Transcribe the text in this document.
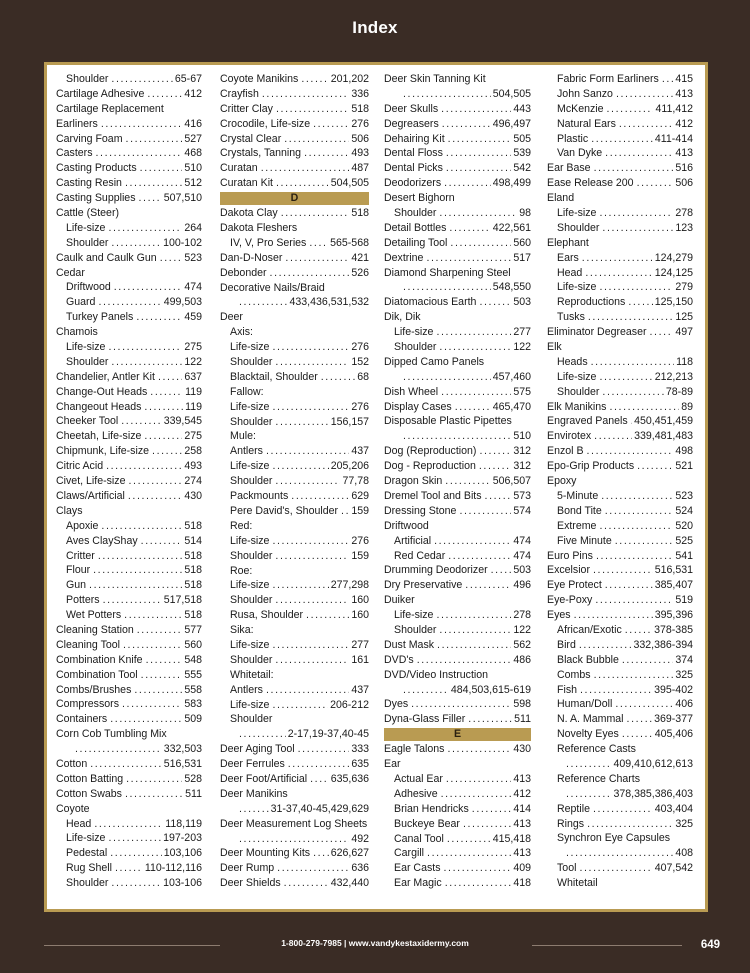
Index
Shoulder .....	65-67
Cartilage Adhesive .....	412
Cartilage Replacement
Earliners .....	416
Carving Foam .....	527
Casters .....	468
Casting Products .....	510
Casting Resin .....	512
Casting Supplies .....	507,510
Cattle (Steer)
Life-size .....	264
Shoulder .....	100-102
Caulk and Caulk Gun .....	523
Cedar
Driftwood .....	474
Guard .....	499,503
Turkey Panels .....	459
Chamois
Life-size .....	275
Shoulder .....	122
Chandelier, Antler Kit .....	637
Change-Out Heads .....	119
Changeout Heads .....	119
Cheeker Tool .....	339,545
Cheetah, Life-size .....	275
Chipmunk, Life-size .....	258
Citric Acid .....	493
Civet, Life-size .....	274
Claws/Artificial .....	430
Clays
Apoxie .....	518
Aves ClayShay .....	514
Critter .....	518
Flour .....	518
Gun .....	518
Potters .....	517,518
Wet Potters .....	518
Cleaning Station .....	577
Cleaning Tool .....	560
Combination Knife .....	548
Combination Tool .....	555
Combs/Brushes .....	558
Compressors .....	583
Containers .....	509
Corn Cob Tumbling Mix
.....
332,503
Cotton .....	516,531
Cotton Batting .....	528
Cotton Swabs .....	511
Coyote
Head .....	118,119
Life-size .....	197-203
Pedestal .....	103,106
Rug Shell .....	110-112,116
Shoulder .....	103-106
Coyote Manikins .....	201,202
Crayfish .....	336
Critter Clay .....	518
Crocodile, Life-size .....	276
Crystal Clear .....	506
Crystals, Tanning .....	493
Curatan .....	487
Curatan Kit .....	504,505
D
Dakota Clay .....	518
Dakota Fleshers
IV, V, Pro Series ..... 565-568
Dan-D-Noser .....	421
Debonder .....	526
Decorative Nails/Braid
.....
433,436,531,532
Deer
Axis:
Life-size .....	276
Shoulder .....	152
Blacktail, Shoulder .....	68
Fallow:
Life-size .....	276
Shoulder .....	156,157
Mule:
Antlers .....	437
Life-size .....	205,206
Shoulder .....	77,78
Packmounts .....	629
Pere David's, Shoulder ..... 159
Red:
Life-size .....	276
Shoulder .....	159
Roe:
Life-size .....	277,298
Shoulder .....	160
Rusa, Shoulder .....	160
Sika:
Life-size .....	277
Shoulder .....	161
Whitetail:
Antlers .....	437
Life-size .....	206-212
Shoulder
.....
2-17,19-37,40-45
Deer Aging Tool .....	333
Deer Ferrules .....	635
Deer Foot/Artificial ..... 635,636
Deer Manikins
.....
31-37,40-45,429,629
Deer Measurement Log Sheets
.....
492
Deer Mounting Kits ..... 626,627
Deer Rump .....	636
Deer Shields .....	432,440
Deer Skin Tanning Kit
.....
504,505
Deer Skulls .....	443
Degreasers .....	496,497
Dehairing Kit .....	505
Dental Floss .....	539
Dental Picks .....	542
Deodorizers .....	498,499
Desert Bighorn
Shoulder .....	98
Detail Bottles .....	422,561
Detailing Tool .....	560
Dextrine .....	517
Diamond Sharpening Steel
.....
548,550
Diatomacious Earth .....	503
Dik, Dik
Life-size .....	277
Shoulder .....	122
Dipped Camo Panels
.....
457,460
Dish Wheel .....	575
Display Cases .....	465,470
Disposable Plastic Pipettes
.....
510
Dog (Reproduction) .....	312
Dog - Reproduction .....	312
Dragon Skin .....	506,507
Dremel Tool and Bits .....	573
Dressing Stone .....	574
Driftwood
Artificial .....	474
Red Cedar .....	474
Drumming Deodorizer ..... 503
Dry Preservative .....	496
Duiker
Life-size .....	278
Shoulder .....	122
Dust Mask .....	562
DVD's .....	486
DVD/Video Instruction
.....
484,503,615-619
Dyes .....	598
Dyna-Glass Filler .....	511
E
Eagle Talons .....	430
Ear
Actual Ear .....	413
Adhesive .....	412
Brian Hendricks .....	414
Buckeye Bear .....	413
Canal Tool .....	415,418
Cargill .....	413
Ear Casts .....	409
Ear Magic .....	418
Fabric Form Earliners ..... 415
John Sanzo .....	413
McKenzie .....	411,412
Natural Ears .....	412
Plastic .....	411-414
Van Dyke .....	413
Ear Base .....	516
Ease Release 200 .....	506
Eland
Life-size .....	278
Shoulder .....	123
Elephant
Ears .....	124,279
Head .....	124,125
Life-size .....	279
Reproductions .....	125,150
Tusks .....	125
Eliminator Degreaser .....	497
Elk
Heads .....	118
Life-size .....	212,213
Shoulder .....	78-89
Elk Manikins .....	89
Engraved Panels ..... 450,451,459
Envirotex .....	339,481,483
Enzol B .....	498
Epo-Grip Products .....	521
Epoxy
5-Minute .....	523
Bond Tite .....	524
Extreme .....	520
Five Minute .....	525
Euro Pins .....	541
Excelsior .....	516,531
Eye Protect .....	385,407
Eye-Poxy .....	519
Eyes .....	395,396
African/Exotic .....	378-385
Bird .....	332,386-394
Black Bubble .....	374
Combs .....	325
Fish .....	395-402
Human/Doll .....	406
N. A. Mammal .....	369-377
Novelty Eyes .....	405,406
Reference Casts
.....
409,410,612,613
Reference Charts
.....
378,385,386,403
Reptile .....	403,404
Rings .....	325
Synchron Eye Capsules
.....
408
Tool .....	407,542
Whitetail
1-800-279-7985 | www.vandykestaxidermy.com	649
